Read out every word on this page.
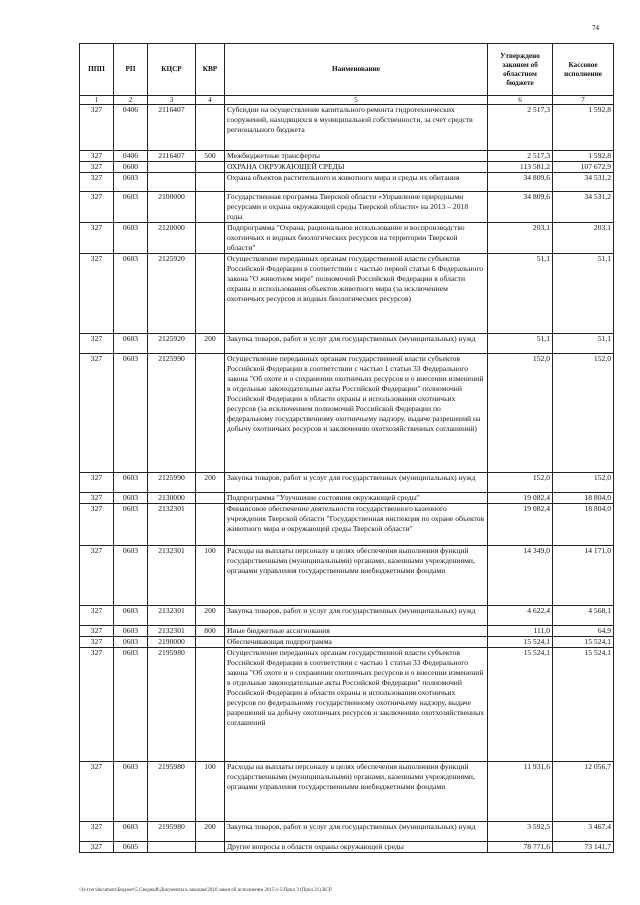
74
ППП	РП	КЦСР	КВР	Наименование	Утверждено законом об областном бюджете	Кассовое исполнение
1	2	3	4	5	6	7
327	0406	2116407		Субсидии на осуществление капитального ремонта гидротехнических сооружений, находящихся в муниципальной собственности, за счет средств регионального бюджета	2 517,3	1 592,8
327	0406	2116407	500	Межбюджетные трансферты	2 517,3	1 592,8
327	0600			ОХРАНА ОКРУЖАЮЩЕЙ СРЕДЫ	113 581,2	107 672,9
327	0603			Охрана объектов растительного и животного мира и среды их обитания	34 809,6	34 531,2
327	0603	2100000		Государственная программа Тверской области «Управление природными ресурсами и охрана окружающей среды Тверской области» на 2013 – 2018 годы	34 809,6	34 531,2
327	0603	2120000		Подпрограмма "Охрана, рациональное использование и воспроизводство охотничьих и водных биологических ресурсов на территории Тверской области"	203,1	203,1
327	0603	2125920		Осуществление переданных органам государственной власти субъектов Российской Федерации в соответствии с частью первой статьи 6 Федерального закона "О животном мире" полномочий Российской Федерации в области охраны и использования объектов животного мира (за исключением охотничьих ресурсов и водных биологических ресурсов)	51,1	51,1
327	0603	2125920	200	Закупка товаров, работ и услуг для государственных (муниципальных) нужд	51,1	51,1
327	0603	2125990		Осуществление переданных органам государственной власти субъектов Российской Федерации в соответствии с частью 1 статьи 33 Федерального закона "Об охоте и о сохранении охотничьих ресурсов и о внесении изменений в отдельные законодательные акты Российской Федерации" полномочий Российской Федерации в области охраны и использования охотничьих ресурсов (за исключением полномочий Российской Федерации по федеральному государственному охотничьему надзору, выдаче разрешений на добычу охотничьих ресурсов и заключению охотхозяйственных соглашений)	152,0	152,0
327	0603	2125990	200	Закупка товаров, работ и услуг для государственных (муниципальных) нужд	152,0	152,0
327	0603	2130000		Подпрограмма "Улучшение состояния окружающей среды"	19 082,4	18 804,0
327	0603	2132301		Финансовое обеспечение деятельности государственного казенного учреждения Тверской области "Государственная инспекция по охране объектов животного мира и окружающей среды Тверской области"	19 082,4	18 804,0
327	0603	2132301	100	Расходы на выплаты персоналу в целях обеспечения выполнения функций государственными (муниципальными) органами, казенными учреждениями, органами управления государственными внебюджетными фондами	14 349,0	14 171,0
327	0603	2132301	200	Закупка товаров, работ и услуг для государственных (муниципальных) нужд	4 622,4	4 568,1
327	0603	2132301	800	Иные бюджетные ассигнования	111,0	64,9
327	0603	2190000		Обеспечивающая подпрограмма	15 524,1	15 524,1
327	0603	2195980		Осуществление переданных органам государственной власти субъектов Российской Федерации в соответствии с частью 1 статьи 33 Федерального закона "Об охоте и о сохранении охотничьих ресурсов и о внесении изменений в отдельные законодательные акты Российской Федерации" полномочий Российской Федерации в области охраны и использования охотничьих ресурсов по федеральному государственному охотничьему надзору, выдаче разрешений на добычу охотничьих ресурсов и заключению охотхозяйственных соглашений	15 524,1	15 524,1
327	0603	2195980	100	Расходы на выплаты персоналу в целях обеспечения выполнения функций государственными (муниципальными) органами, казенными учреждениями, органами управления государственными внебюджетными фондами	11 931,6	12 056,7
327	0603	2195980	200	Закупка товаров, работ и услуг для государственных (муниципальных) нужд	3 592,5	3 467,4
327	0605			Другие вопросы в области охраны окружающей среды	78 771,6	73 141,7
\\fs-tver\document\Бюджет\5 Сводный\Документы к законам\2016 закон об исполнении 2015\1-5\Прил 3 (Прил 31) ВСР
